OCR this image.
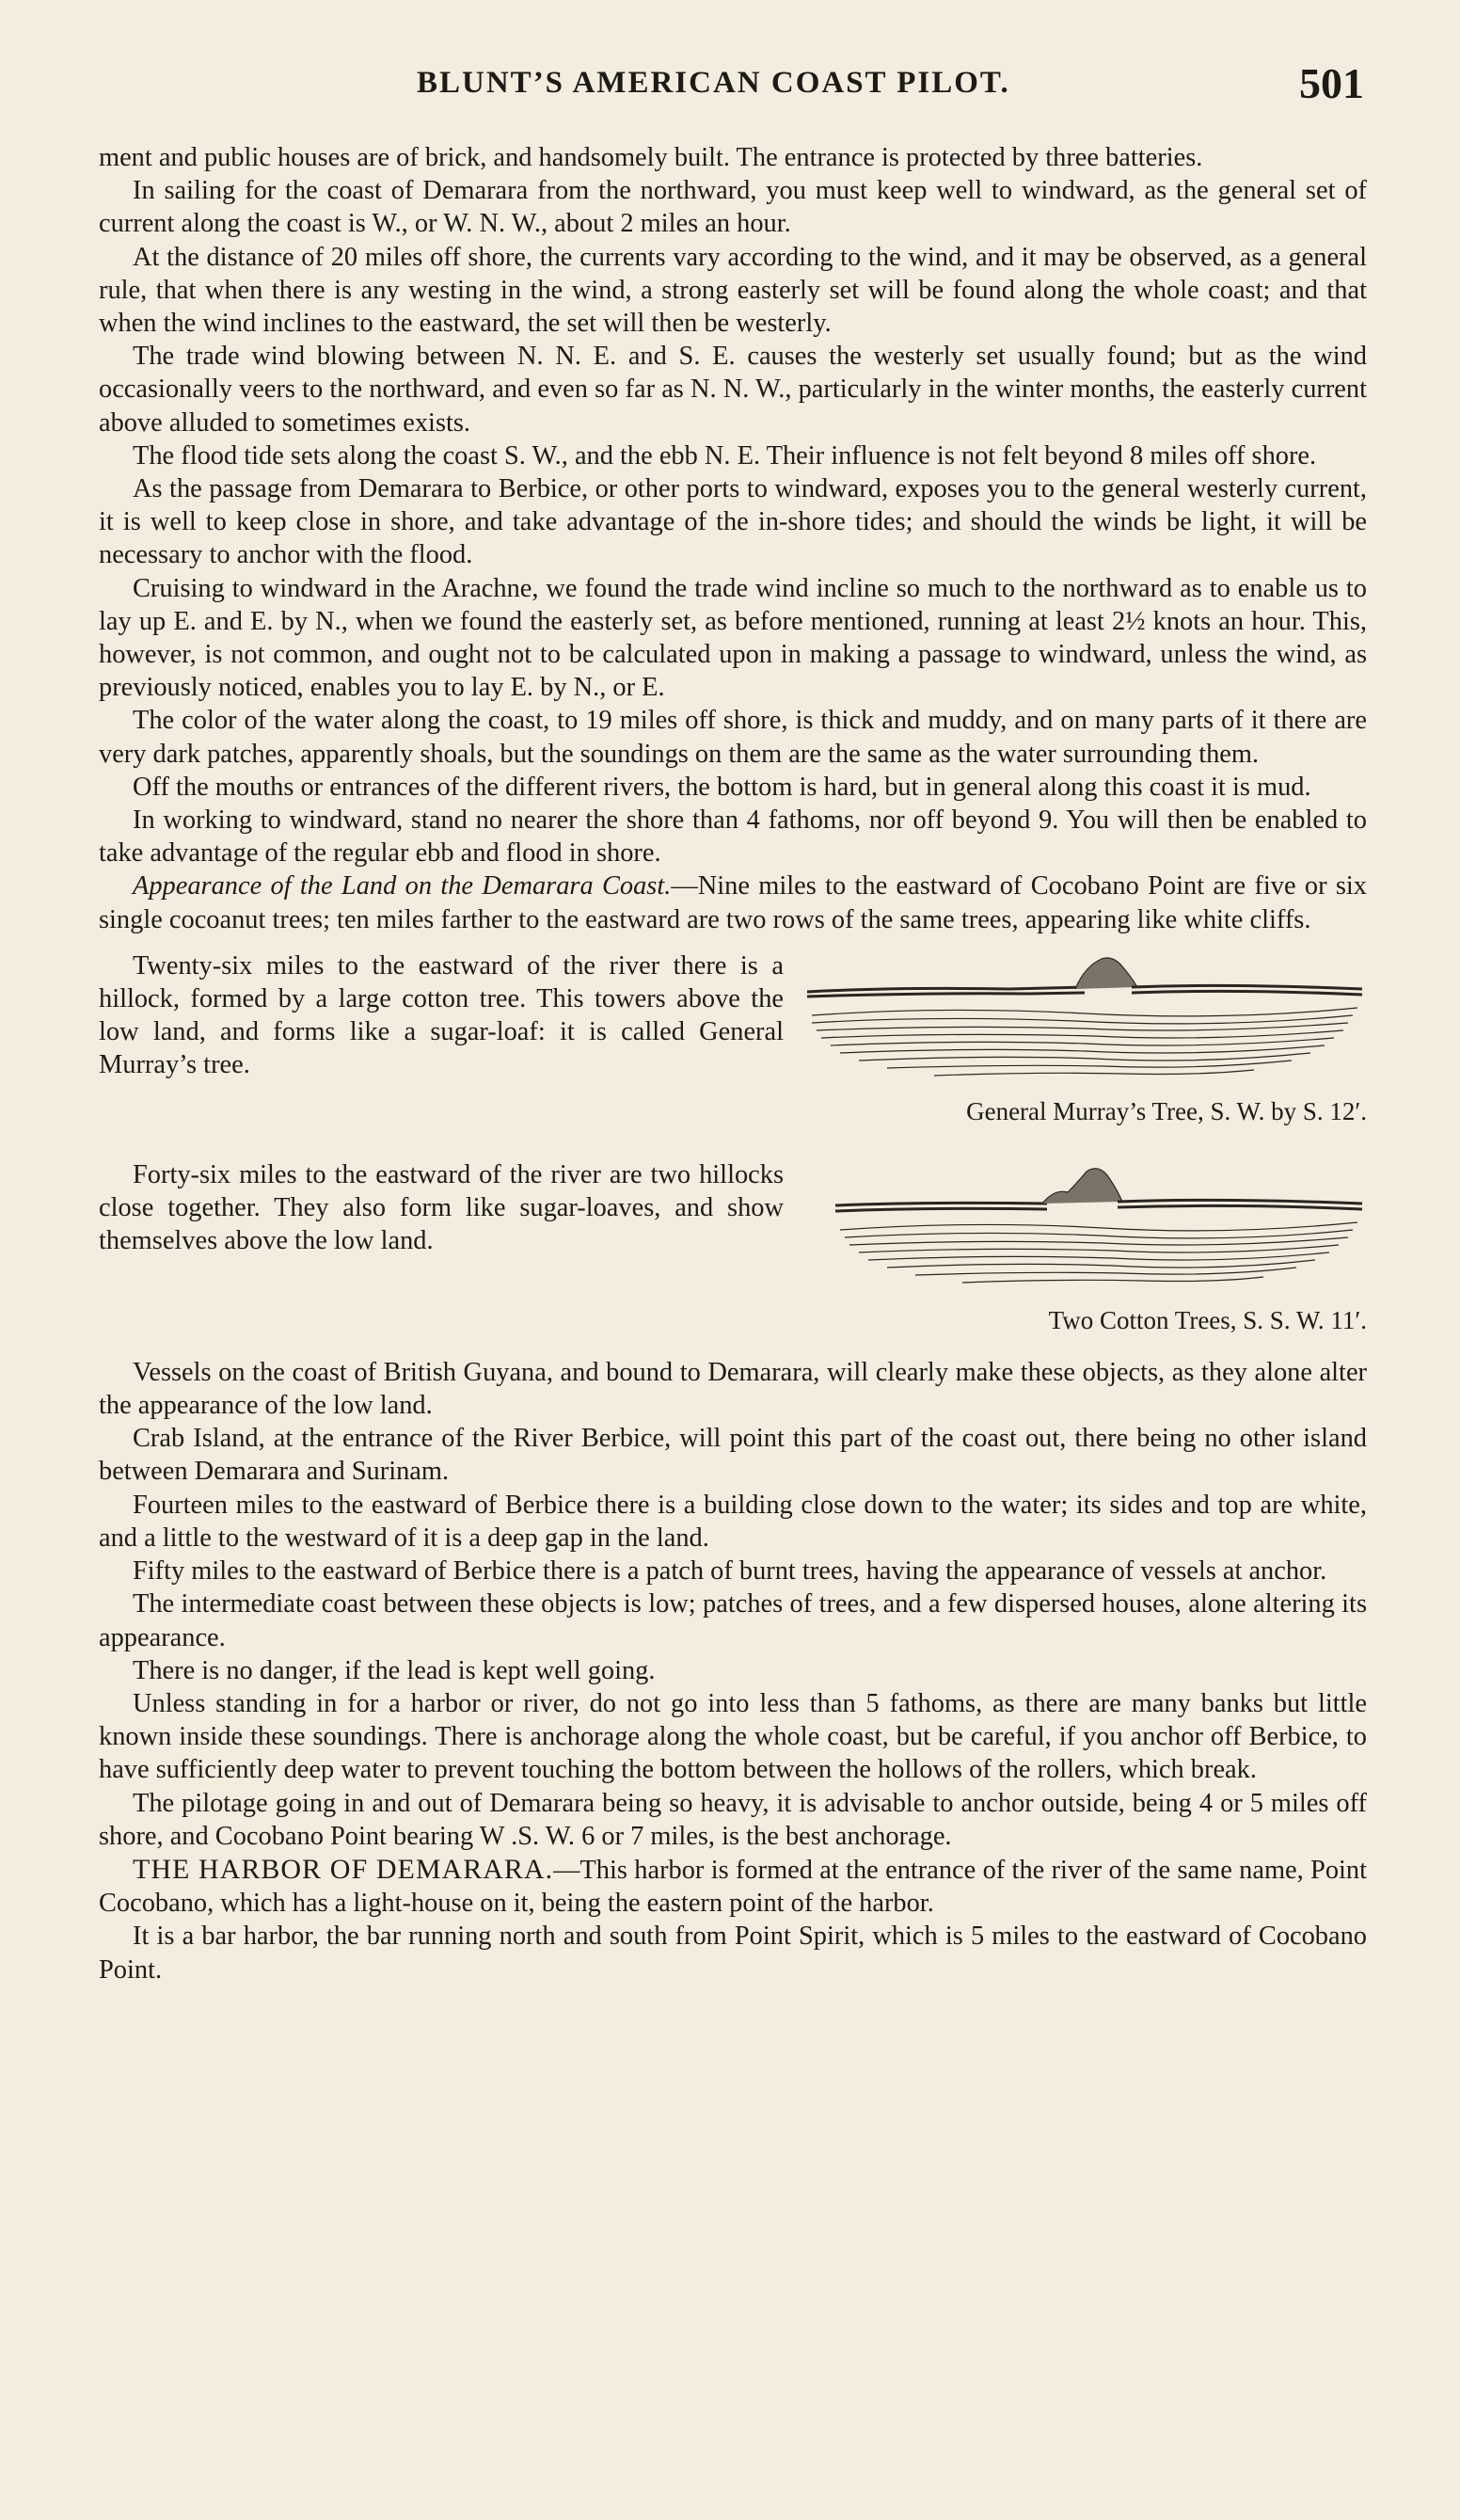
BLUNT’S AMERICAN COAST PILOT.	501

ment and public houses are of brick, and handsomely built. The entrance is protected by three batteries.

In sailing for the coast of Demarara from the northward, you must keep well to windward, as the general set of current along the coast is W., or W. N. W., about 2 miles an hour.

At the distance of 20 miles off shore, the currents vary according to the wind, and it may be observed, as a general rule, that when there is any westing in the wind, a strong easterly set will be found along the whole coast; and that when the wind inclines to the eastward, the set will then be westerly.

The trade wind blowing between N. N. E. and S. E. causes the westerly set usually found; but as the wind occasionally veers to the northward, and even so far as N. N. W., particularly in the winter months, the easterly current above alluded to sometimes exists.

The flood tide sets along the coast S. W., and the ebb N. E. Their influence is not felt beyond 8 miles off shore.

As the passage from Demarara to Berbice, or other ports to windward, exposes you to the general westerly current, it is well to keep close in shore, and take advantage of the in-shore tides; and should the winds be light, it will be necessary to anchor with the flood.

Cruising to windward in the Arachne, we found the trade wind incline so much to the northward as to enable us to lay up E. and E. by N., when we found the easterly set, as before mentioned, running at least 2½ knots an hour. This, however, is not common, and ought not to be calculated upon in making a passage to windward, unless the wind, as previously noticed, enables you to lay E. by N., or E.

The color of the water along the coast, to 19 miles off shore, is thick and muddy, and on many parts of it there are very dark patches, apparently shoals, but the soundings on them are the same as the water surrounding them.

Off the mouths or entrances of the different rivers, the bottom is hard, but in general along this coast it is mud.

In working to windward, stand no nearer the shore than 4 fathoms, nor off beyond 9. You will then be enabled to take advantage of the regular ebb and flood in shore.

Appearance of the Land on the Demarara Coast.—Nine miles to the eastward of Cocobano Point are five or six single cocoanut trees; ten miles farther to the eastward are two rows of the same trees, appearing like white cliffs.

Twenty-six miles to the eastward of the river there is a hillock, formed by a large cotton tree. This towers above the low land, and forms like a sugar-loaf: it is called General Murray’s tree.

General Murray’s Tree, S. W. by S. 12′.

Forty-six miles to the eastward of the river are two hillocks close together. They also form like sugar-loaves, and show themselves above the low land.

Two Cotton Trees, S. S. W. 11′.

Vessels on the coast of British Guyana, and bound to Demarara, will clearly make these objects, as they alone alter the appearance of the low land.

Crab Island, at the entrance of the River Berbice, will point this part of the coast out, there being no other island between Demarara and Surinam.

Fourteen miles to the eastward of Berbice there is a building close down to the water; its sides and top are white, and a little to the westward of it is a deep gap in the land.

Fifty miles to the eastward of Berbice there is a patch of burnt trees, having the appearance of vessels at anchor.

The intermediate coast between these objects is low; patches of trees, and a few dispersed houses, alone altering its appearance.

There is no danger, if the lead is kept well going.

Unless standing in for a harbor or river, do not go into less than 5 fathoms, as there are many banks but little known inside these soundings. There is anchorage along the whole coast, but be careful, if you anchor off Berbice, to have sufficiently deep water to prevent touching the bottom between the hollows of the rollers, which break.

The pilotage going in and out of Demarara being so heavy, it is advisable to anchor outside, being 4 or 5 miles off shore, and Cocobano Point bearing W .S. W. 6 or 7 miles, is the best anchorage.

THE HARBOR OF DEMARARA.—This harbor is formed at the entrance of the river of the same name, Point Cocobano, which has a light-house on it, being the eastern point of the harbor.

It is a bar harbor, the bar running north and south from Point Spirit, which is 5 miles to the eastward of Cocobano Point.
